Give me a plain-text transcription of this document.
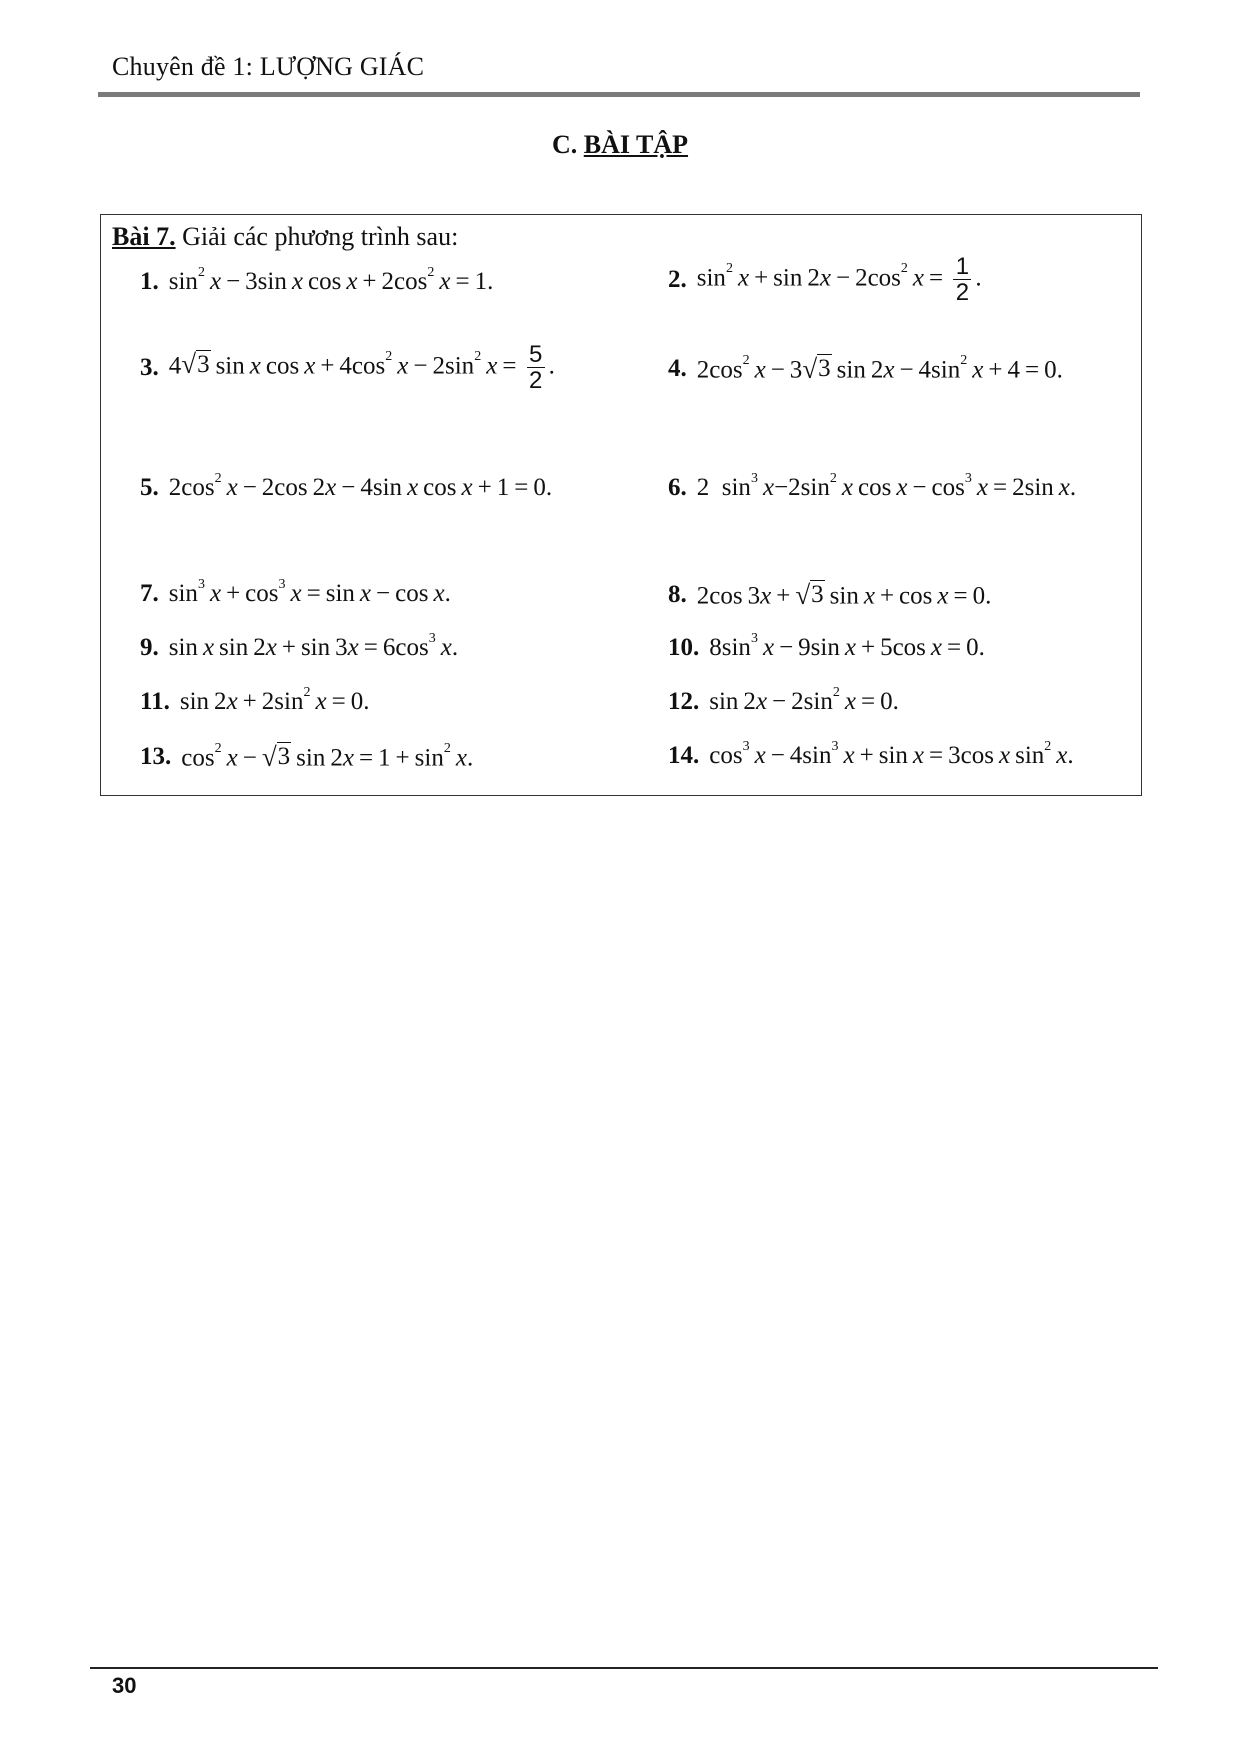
Chuyên đề 1: LƯỢNG GIÁC
C. BÀI TẬP
Bài 7. Giải các phương trình sau:
1. $\sin^2 x - 3\sin$ x $\cos x + 2\cos^2$  x = 1.	2. $\sin^2 x + \sin 2x - 2\cos^2$  $x = \frac{1}{2}$ .
3. 4 √ 3  sin x $\cos x + 4\cos^2$  $x - 2\sin^2$  $x = \frac{5}{2}$ .	4. $2\cos^2$  x − 3 √ 3  $\sin 2x - 4\sin^2$  x + 4 = 0.
5. $2\cos^2$  x − 2cos 2x − 4sin x cos x + 1 = 0.	6. 2  $\sin^3 x-2\sin^2$  x $\cos x - \cos^3 x = 2\sin$ x.
7. $\sin^3 x + \cos^3 x = \sin x - \cos x$.	8. 2cos 3x +  √ 3  sin x + cos x = 0.
9. sin x $\sin 2x + \sin 3x = 6\cos^3$  x.	10. $8\sin^3$  x − 9sin x + 5cos x = 0.
11. $\sin 2x + 2\sin^2$  x = 0.	12. $\sin 2x - 2\sin^2$  x = 0.
13. $\cos^2 x$ −  √ 3  $\sin 2x = 1 + \sin^2 x$.	14. $\cos^3 x - 4\sin^3$  x + sin x = 3cos x $\sin^2 x$.
30
